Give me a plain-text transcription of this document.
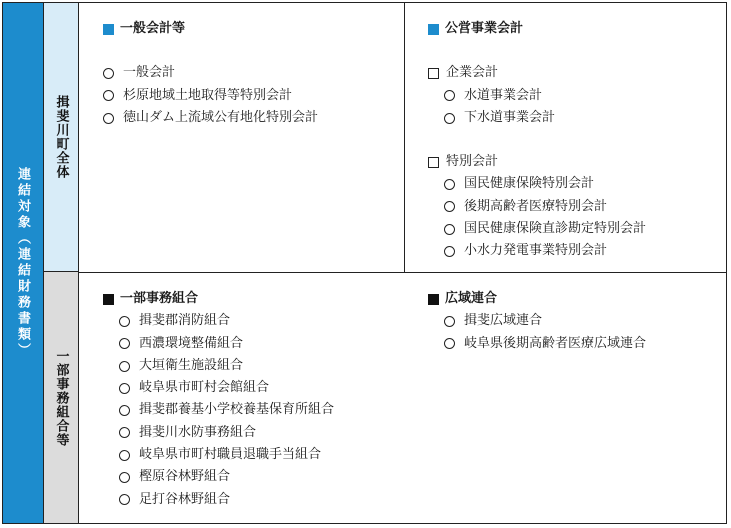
連結対象（連結財務書類）
揖斐川町全体
一部事務組合等
一般会計等
一般会計
杉原地域土地取得等特別会計
徳山ダム上流域公有地化特別会計
公営事業会計
企業会計
水道事業会計
下水道事業会計
特別会計
国民健康保険特別会計
後期高齢者医療特別会計
国民健康保険直診勘定特別会計
小水力発電事業特別会計
一部事務組合
揖斐郡消防組合
西濃環境整備組合
大垣衛生施設組合
岐阜県市町村会館組合
揖斐郡養基小学校養基保育所組合
揖斐川水防事務組合
岐阜県市町村職員退職手当組合
樫原谷林野組合
足打谷林野組合
広域連合
揖斐広域連合
岐阜県後期高齢者医療広域連合
